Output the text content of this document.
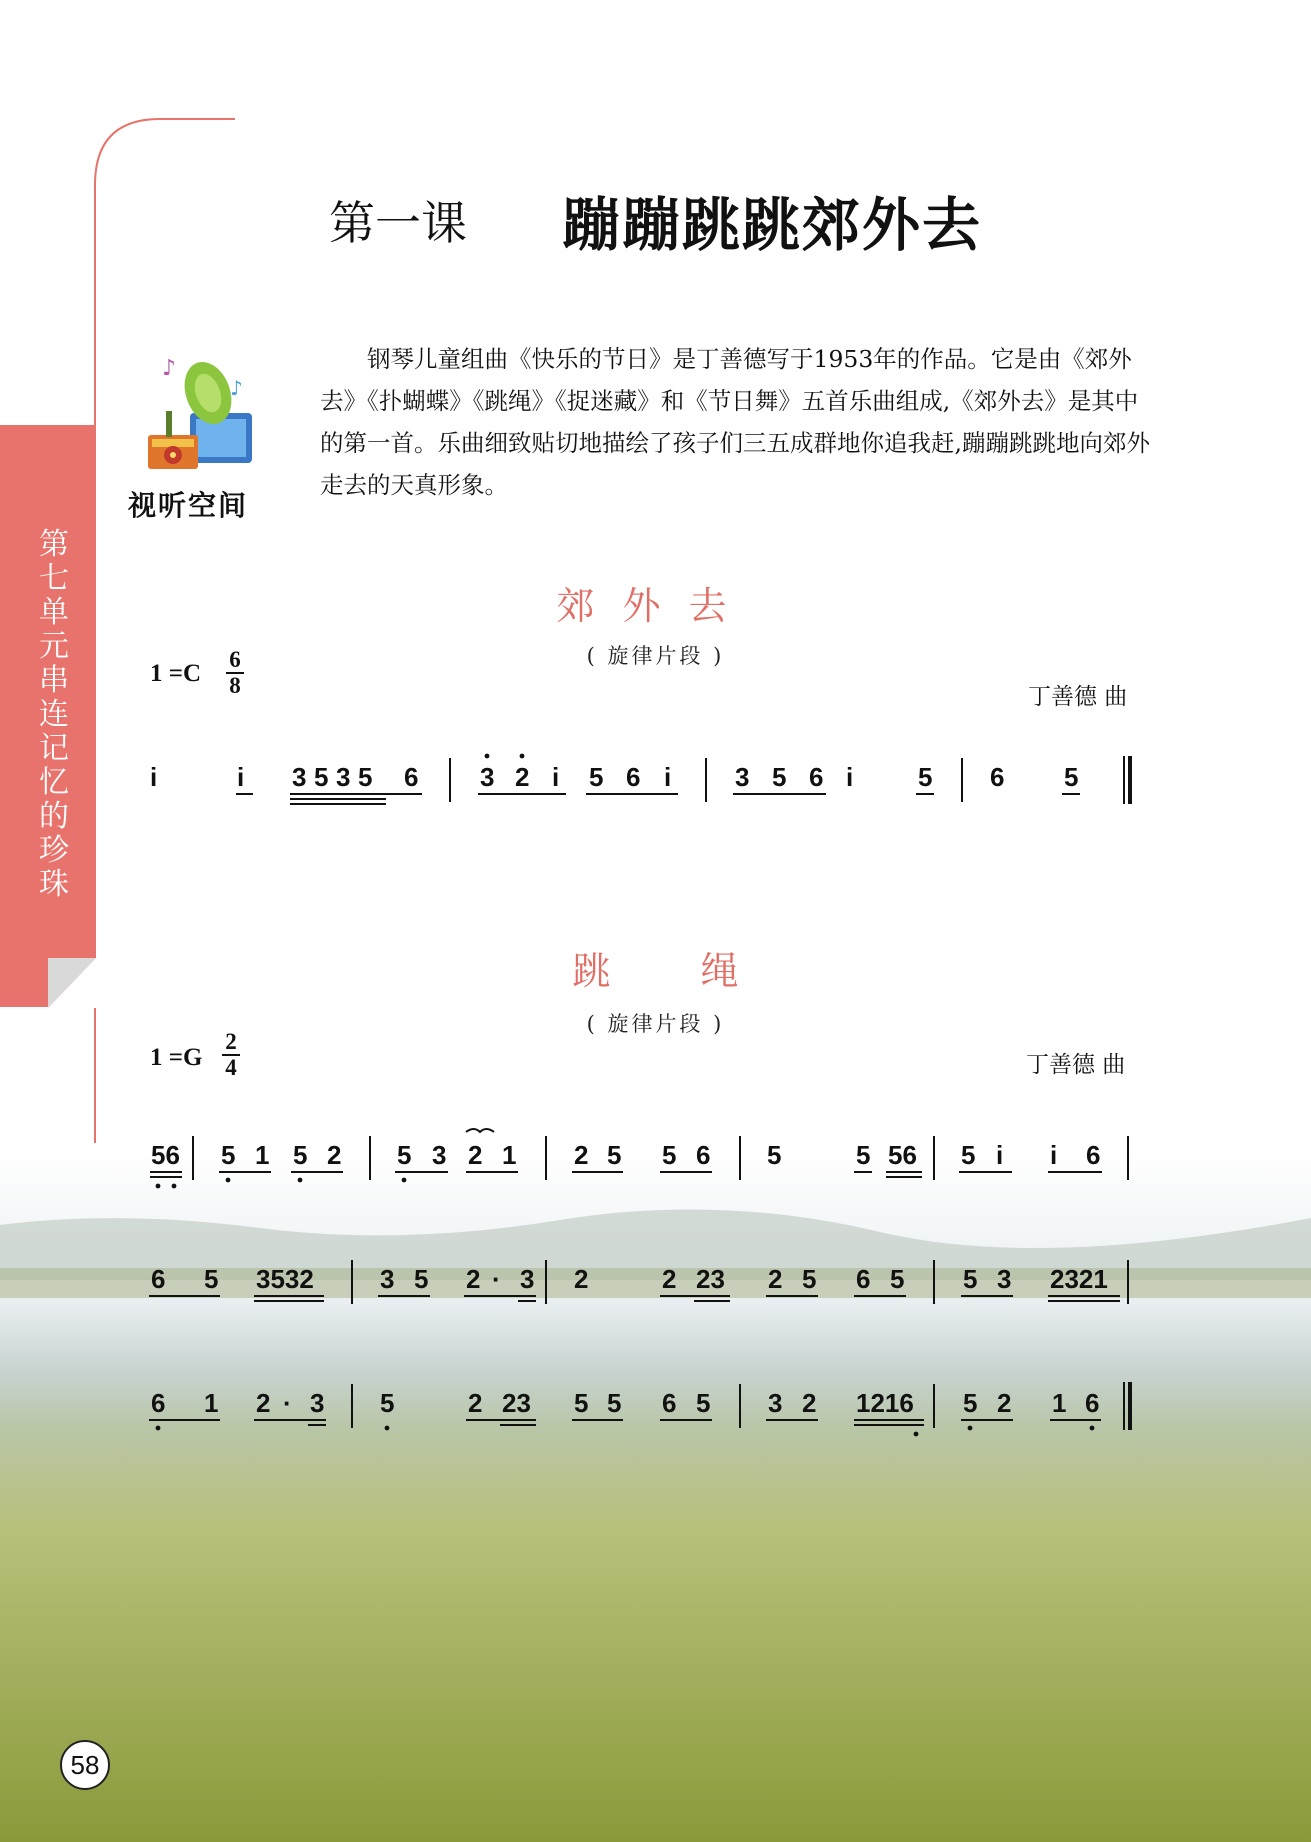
第七单元 串连记忆的珍珠
第一课 蹦蹦跳跳郊外去
♪
♪
视听空间

钢琴儿童组曲《快乐的节日》是丁善德写于1953年的作品。它是由《郊外去》《扑蝴蝶》《跳绳》《捉迷藏》和《节日舞》五首乐曲组成,《郊外去》是其中的第一首。乐曲细致贴切地描绘了孩子们三五成群地你追我赶,蹦蹦跳跳地向郊外走去的天真形象。

郊外去
( 旋律片段 )
1 =C
6
8	丁善德 曲
i	i 3 5 3 5 6 3 2 i 5 6 i 3 5 6 i 5 6 5
跳绳
( 旋律片段 )
1 =G
2
4	丁善德 曲
56 5 1 5 2 5 3 2 1 2 5 5 6 5	5 56 5 i i 6
6 5 3532	3 5 2 · 3 2	2 23 2 5 6 5 5 3 2321
6 1 2 · 3 5	2 23 5 5 6 5 3 2 1216 5 2 1 6
58
